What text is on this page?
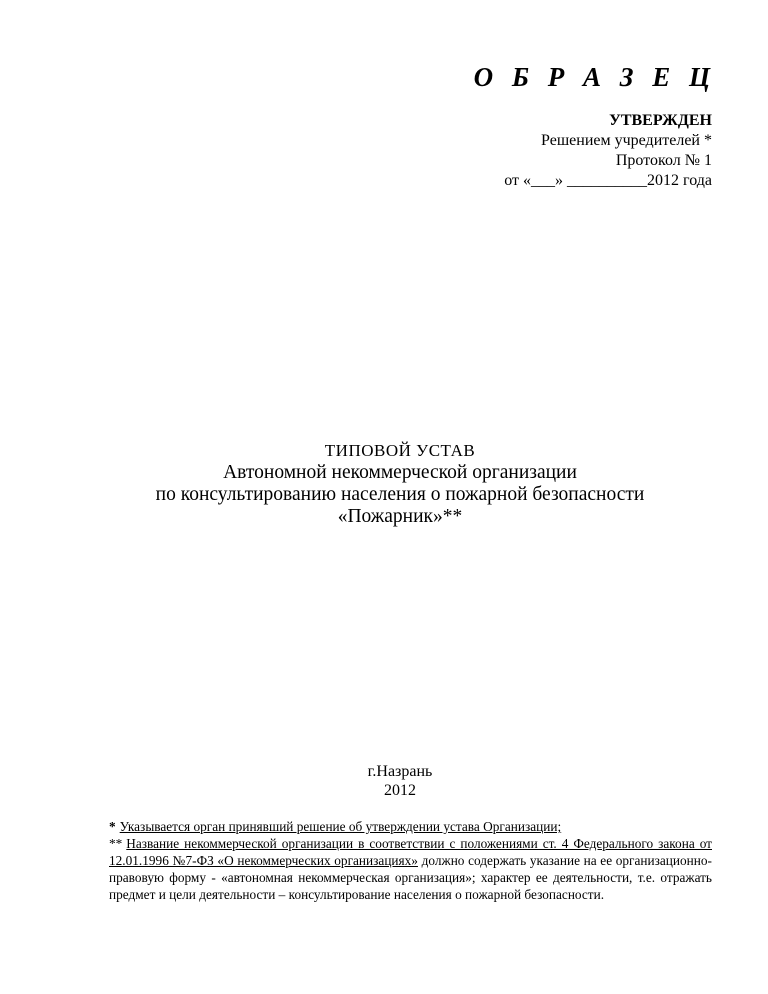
О Б Р А З Е Ц
УТВЕРЖДЕН
Решением учредителей *
Протокол № 1
от «___» __________2012 года
ТИПОВОЙ УСТАВ
Автономной некоммерческой организации
по консультированию населения о пожарной безопасности
«Пожарник»**
г.Назрань
2012

* Указывается орган принявший решение об утверждении устава Организации;

** Название некоммерческой организации в соответствии с положениями ст. 4 Федерального закона от 12.01.1996 №7-ФЗ «О некоммерческих организациях» должно содержать указание на ее организационно-правовую форму - «автономная некоммерческая организация»; характер ее деятельности, т.е. отражать предмет и цели деятельности – консультирование населения о пожарной безопасности.
